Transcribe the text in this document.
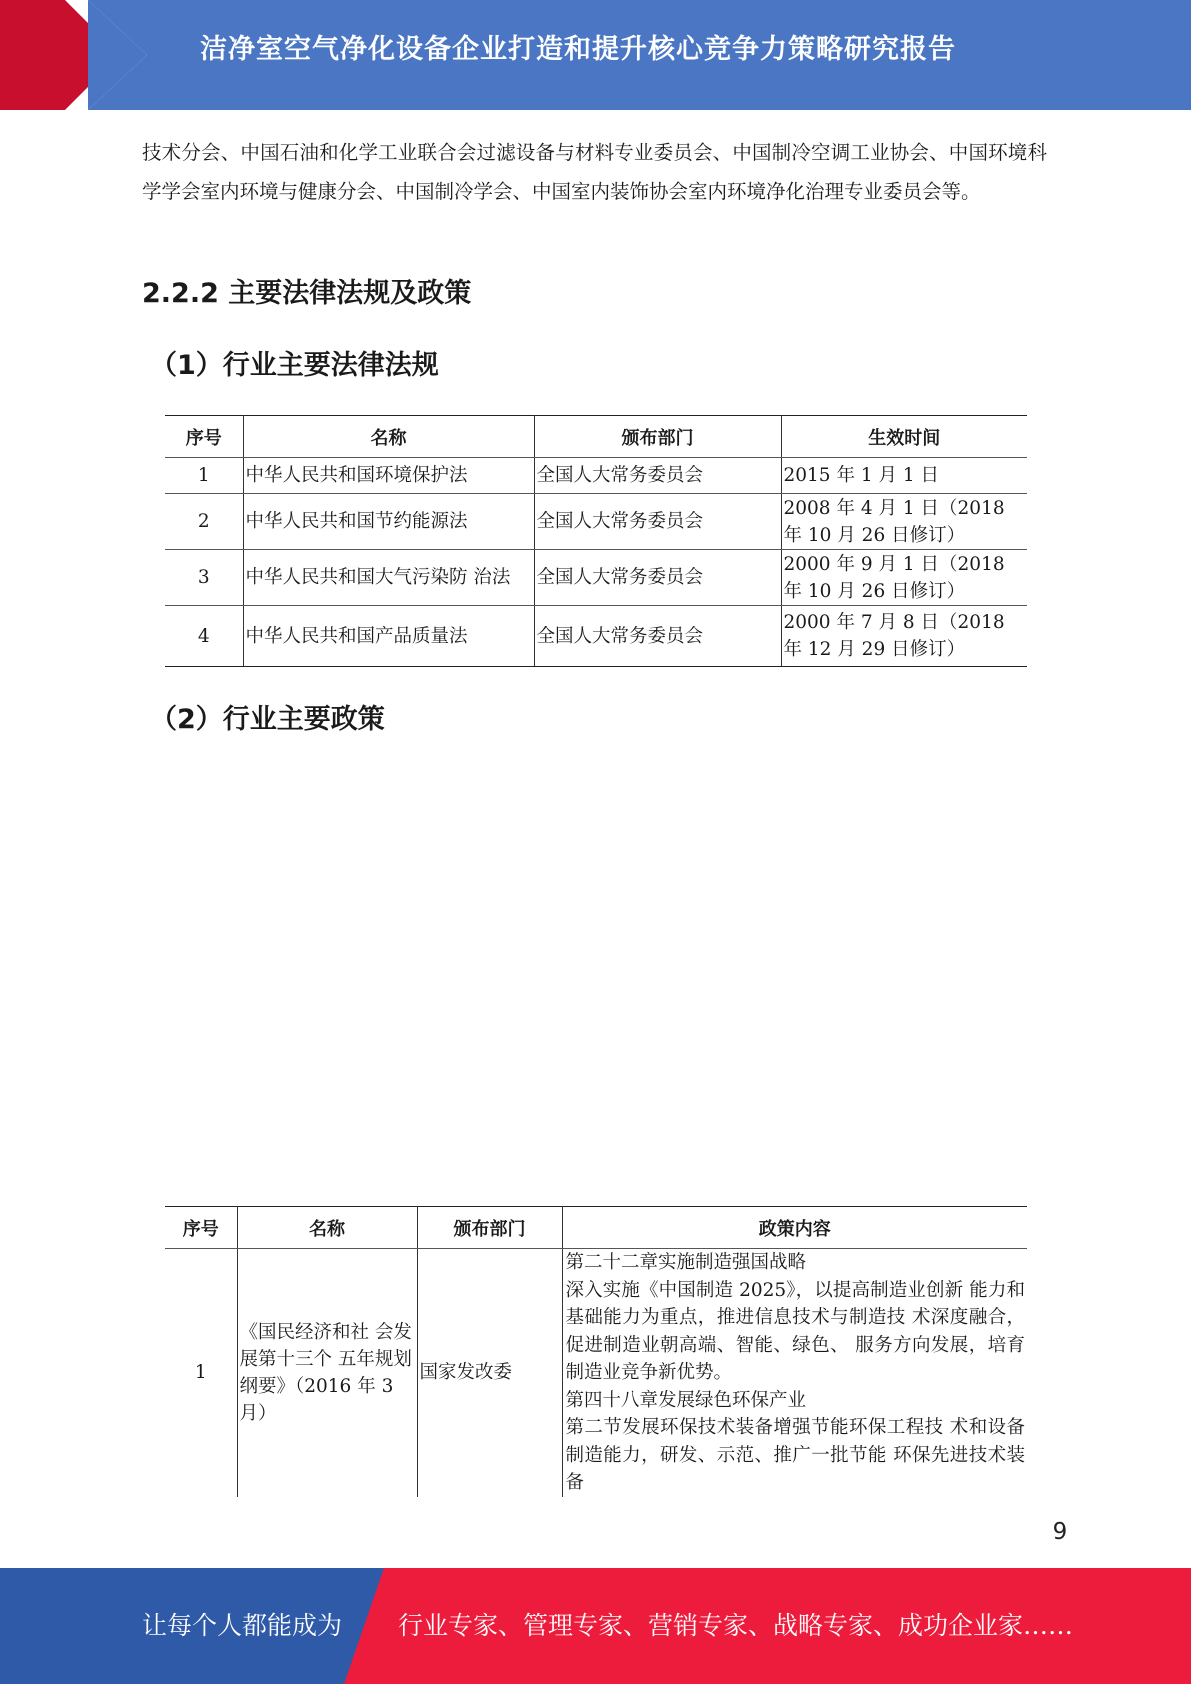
洁净室空气净化设备企业打造和提升核心竞争力策略研究报告

技术分会、中国石油和化学工业联合会过滤设备与材料专业委员会、中国制冷空调工业协会、中国环境科学学会室内环境与健康分会、中国制冷学会、中国室内装饰协会室内环境净化治理专业委员会等。

2.2.2 主要法律法规及政策
（1）行业主要法律法规
序号	名称	颁布部门	生效时间
1	中华人民共和国环境保护法	全国人大常务委员会	2015 年 1 月 1 日
2	中华人民共和国节约能源法	全国人大常务委员会	2008 年 4 月 1 日（2018 年 10 月 26 日修订）
3	中华人民共和国大气污染防 治法	全国人大常务委员会	2000 年 9 月 1 日（2018 年 10 月 26 日修订）
4	中华人民共和国产品质量法	全国人大常务委员会	2000 年 7 月 8 日（2018 年 12 月 29 日修订）
（2）行业主要政策
序号	名称	颁布部门	政策内容
1	《国民经济和社 会发展第十三个 五年规划纲要》（2016 年 3 月）	国家发改委	第二十二章实施制造强国战略
深入实施《中国制造 2025》，以提高制造业创新 能力和基础能力为重点，推进信息技术与制造技 术深度融合，促进制造业朝高端、智能、绿色、 服务方向发展，培育制造业竞争新优势。
第四十八章发展绿色环保产业
第二节发展环保技术装备增强节能环保工程技 术和设备制造能力，研发、示范、推广一批节能 环保先进技术装备
9
让每个人都能成为 行业专家、管理专家、营销专家、战略专家、成功企业家……
